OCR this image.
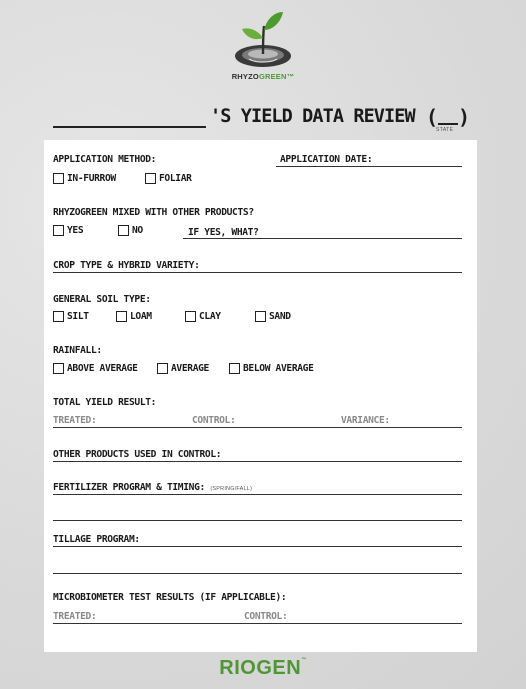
RHYZOGREEN™
'S YIELD DATA REVIEW ( )
STATE
APPLICATION METHOD:	APPLICATION DATE:
IN-FURROW	FOLIAR
RHYZOGREEN MIXED WITH OTHER PRODUCTS?
YES	NO	IF YES, WHAT?
CROP TYPE & HYBRID VARIETY:
GENERAL SOIL TYPE:
SILT	LOAM	CLAY	SAND
RAINFALL:
ABOVE AVERAGE	AVERAGE	BELOW AVERAGE
TOTAL YIELD RESULT:
TREATED:	CONTROL:	VARIANCE:
OTHER PRODUCTS USED IN CONTROL:
FERTILIZER PROGRAM & TIMING: (SPRING/FALL)
TILLAGE PROGRAM:
MICROBIOMETER TEST RESULTS (IF APPLICABLE):
TREATED:	CONTROL:
RIOGEN™
